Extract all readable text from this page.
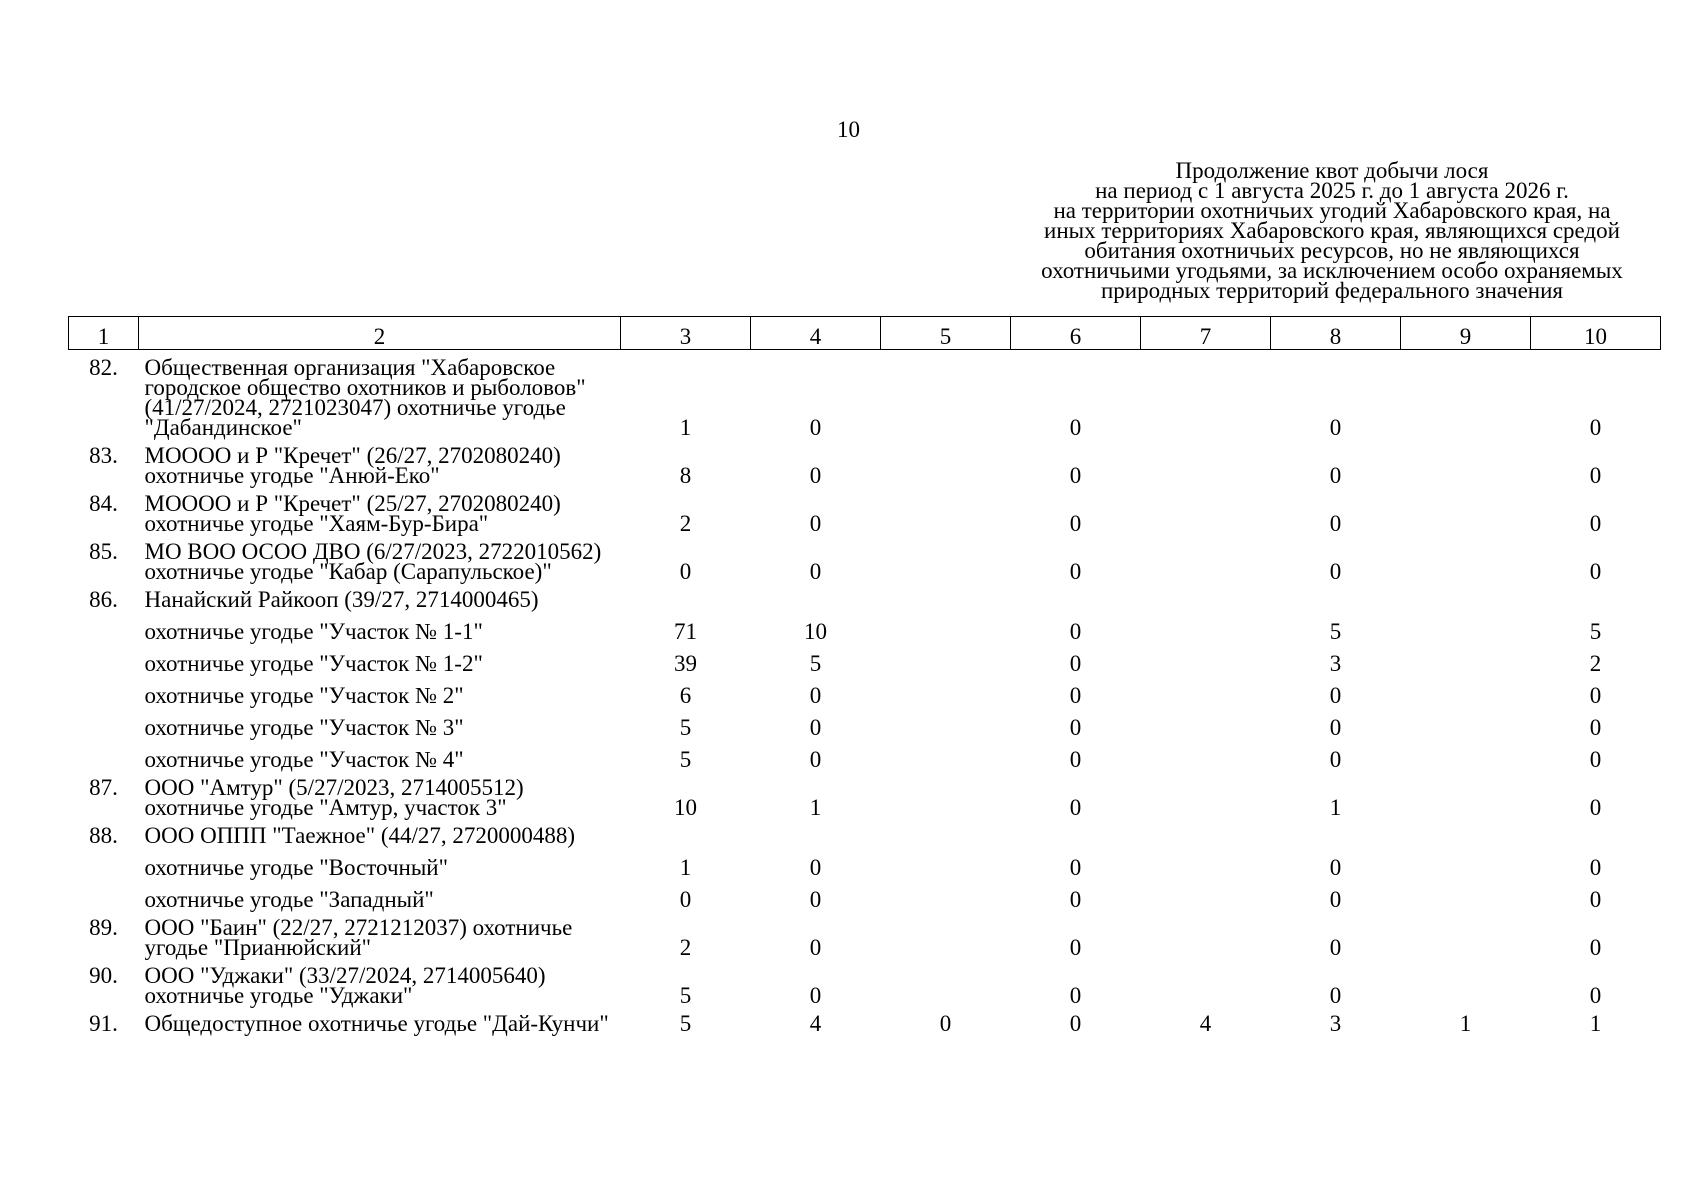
10
Продолжение квот добычи лося
на период с 1 августа 2025 г. до 1 августа 2026 г.
на территории охотничьих угодий Хабаровского края, на
иных территориях Хабаровского края, являющихся средой
обитания охотничьих ресурсов, но не являющихся
охотничьими угодьями, за исключением особо охраняемых
природных территорий федерального значения
1	2	3	4	5	6	7	8	9	10
82.	Общественная организация "Хабаровское городское общество охотников и рыболовов" (41/27/2024, 2721023047) охотничье угодье "Дабандинское"	1	0		0		0		0
83.	МОООО и Р "Кречет" (26/27, 2702080240) охотничье угодье "Анюй-Еко"	8	0		0		0		0
84.	МОООО и Р "Кречет" (25/27, 2702080240) охотничье угодье "Хаям-Бур-Бира"	2	0		0		0		0
85.	МО ВОО ОСОО ДВО (6/27/2023, 2722010562) охотничье угодье "Кабар (Сарапульское)"	0	0		0		0		0
86.	Нанайский Райкооп (39/27, 2714000465)								
	охотничье угодье "Участок № 1-1"	71	10		0		5		5
	охотничье угодье "Участок № 1-2"	39	5		0		3		2
	охотничье угодье "Участок № 2"	6	0		0		0		0
	охотничье угодье "Участок № 3"	5	0		0		0		0
	охотничье угодье "Участок № 4"	5	0		0		0		0
87.	ООО "Амтур" (5/27/2023, 2714005512) охотничье угодье "Амтур, участок 3"	10	1		0		1		0
88.	ООО ОППП "Таежное" (44/27, 2720000488)								
	охотничье угодье "Восточный"	1	0		0		0		0
	охотничье угодье "Западный"	0	0		0		0		0
89.	ООО "Баин" (22/27, 2721212037) охотничье угодье "Прианюйский"	2	0		0		0		0
90.	ООО "Уджаки" (33/27/2024, 2714005640) охотничье угодье "Уджаки"	5	0		0		0		0
91.	Общедоступное охотничье угодье "Дай-Кунчи"	5	4	0	0	4	3	1	1
